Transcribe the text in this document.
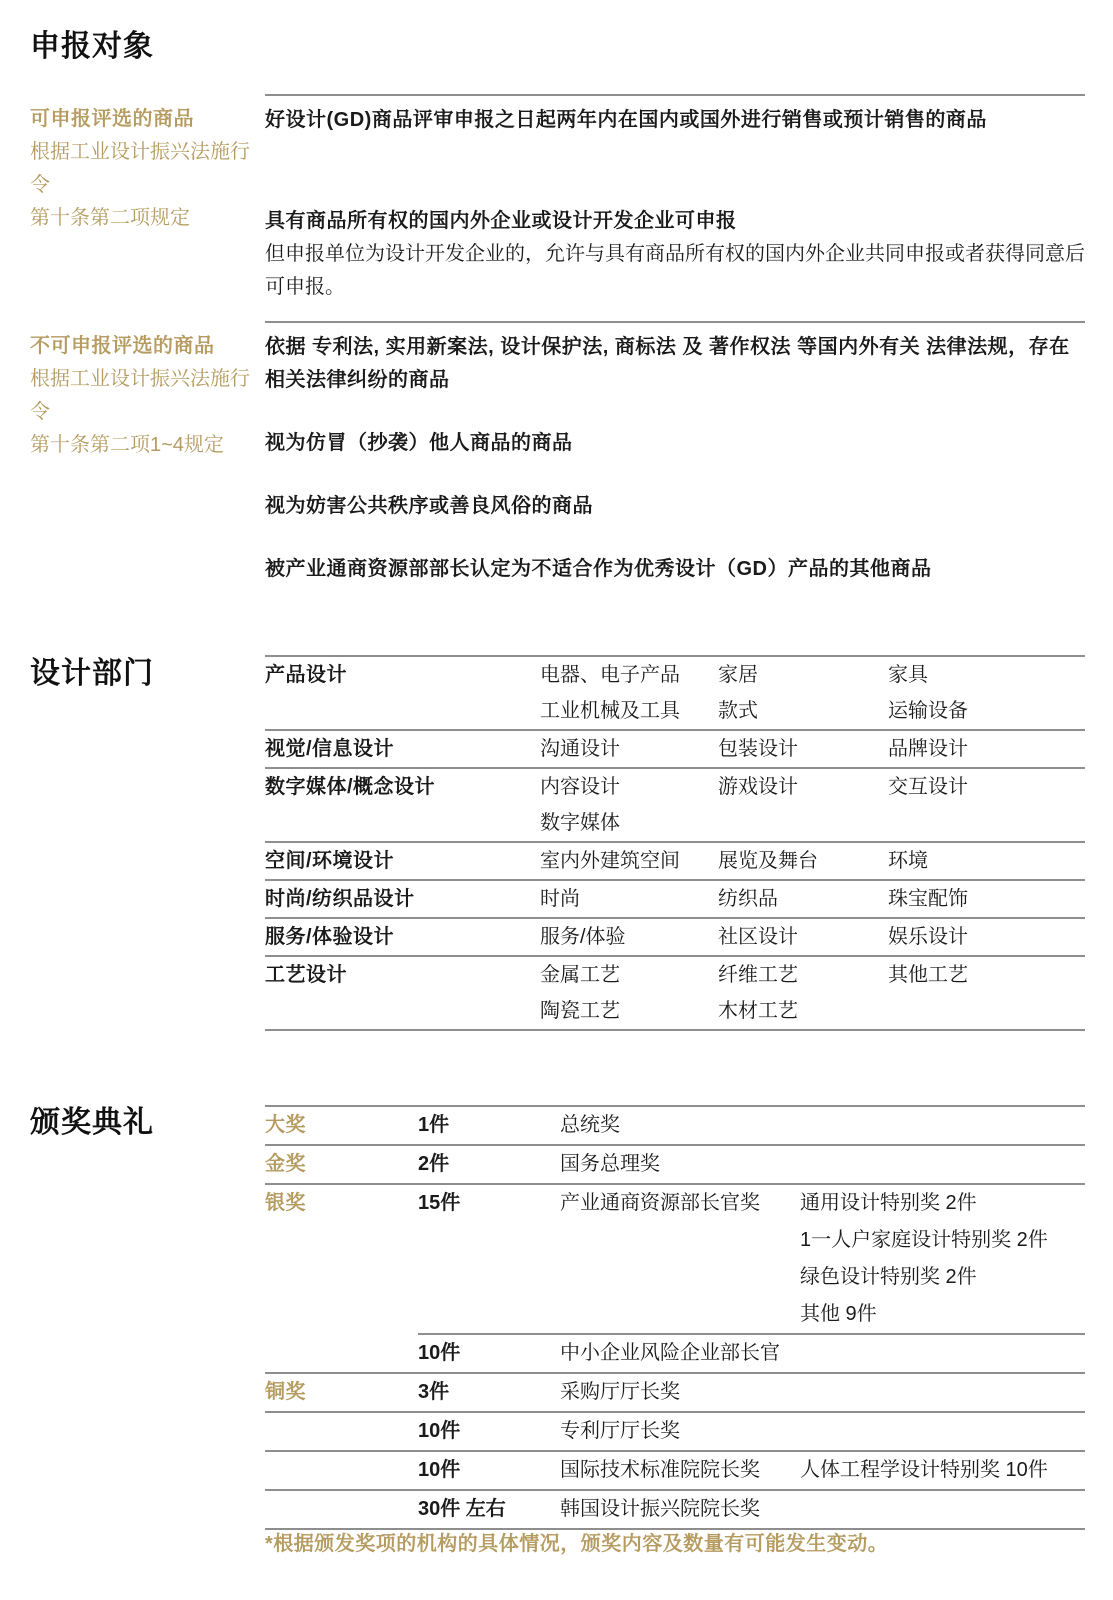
申报对象
可申报评选的商品
根据工业设计振兴法施行令
第十条第二项规定

好设计(GD)商品评审申报之日起两年内在国内或国外进行销售或预计销售的商品

具有商品所有权的国内外企业或设计开发企业可申报

但申报单位为设计开发企业的，允许与具有商品所有权的国内外企业共同申报或者获得同意后可申报。

不可申报评选的商品
根据工业设计振兴法施行令
第十条第二项1~4规定

依据 专利法, 实用新案法, 设计保护法, 商标法 及 著作权法 等国内外有关 法律法规，存在相关法律纠纷的商品

视为仿冒（抄袭）他人商品的商品

视为妨害公共秩序或善良风俗的商品

被产业通商资源部部长认定为不适合作为优秀设计（GD）产品的其他商品

设计部门	产品设计	电器、电子产品	家居	家具
工业机械及工具	款式	运输设备
视觉/信息设计	沟通设计	包装设计	品牌设计
数字媒体/概念设计	内容设计	游戏设计	交互设计
数字媒体
空间/环境设计	室内外建筑空间	展览及舞台	环境
时尚/纺织品设计	时尚	纺织品	珠宝配饰
服务/体验设计	服务/体验	社区设计	娱乐设计
工艺设计	金属工艺	纤维工艺	其他工艺
陶瓷工艺	木材工艺
颁奖典礼	大奖	1件	总统奖
金奖	2件	国务总理奖
银奖	15件	产业通商资源部长官奖	通用设计特别奖 2件
1一人户家庭设计特别奖 2件
绿色设计特别奖 2件
其他 9件
10件	中小企业风险企业部长官
铜奖	3件	采购厅厅长奖
10件	专利厅厅长奖
10件	国际技术标准院院长奖	人体工程学设计特别奖 10件
30件 左右	韩国设计振兴院院长奖
*根据颁发奖项的机构的具体情况，颁奖内容及数量有可能发生变动。
